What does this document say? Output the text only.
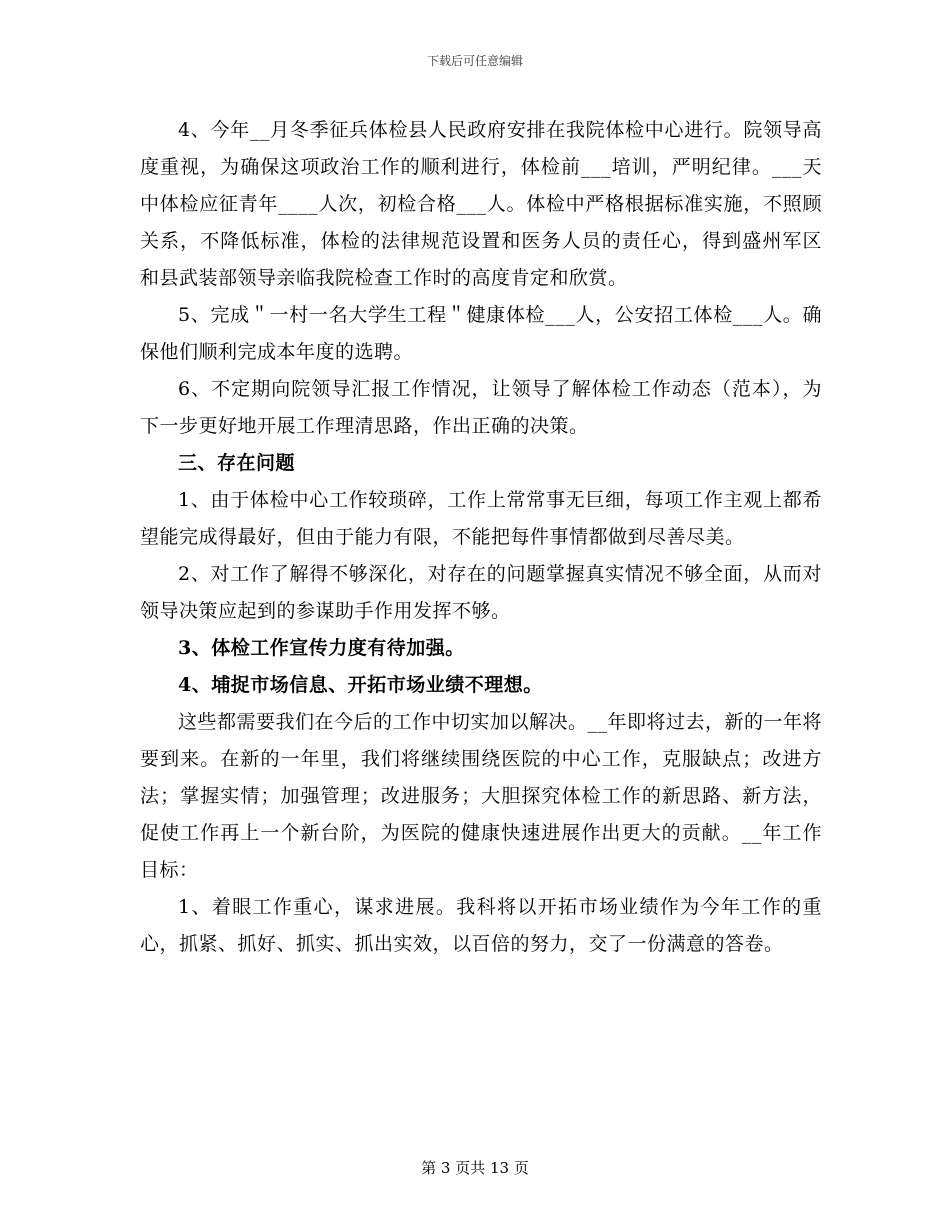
下载后可任意编辑

4、今年__月冬季征兵体检县人民政府安排在我院体检中心进行。院领导高度重视，为确保这项政治工作的顺利进行，体检前___培训，严明纪律。___天中体检应征青年____人次，初检合格___人。体检中严格根据标准实施，不照顾关系，不降低标准，体检的法律规范设置和医务人员的责任心，得到盛州军区和县武装部领导亲临我院检查工作时的高度肯定和欣赏。

5、完成＂一村一名大学生工程＂健康体检___人，公安招工体检___人。确保他们顺利完成本年度的选聘。

6、不定期向院领导汇报工作情况，让领导了解体检工作动态（范本），为下一步更好地开展工作理清思路，作出正确的决策。

三、存在问题

1、由于体检中心工作较琐碎，工作上常常事无巨细，每项工作主观上都希望能完成得最好，但由于能力有限，不能把每件事情都做到尽善尽美。

2、对工作了解得不够深化，对存在的问题掌握真实情况不够全面，从而对领导决策应起到的参谋助手作用发挥不够。

3、体检工作宣传力度有待加强。

4、埔捉市场信息、开拓市场业绩不理想。

这些都需要我们在今后的工作中切实加以解决。__年即将过去，新的一年将要到来。在新的一年里，我们将继续围绕医院的中心工作，克服缺点；改进方法；掌握实情；加强管理；改进服务；大胆探究体检工作的新思路、新方法，促使工作再上一个新台阶，为医院的健康快速进展作出更大的贡献。__年工作目标：

1、着眼工作重心，谋求进展。我科将以开拓市场业绩作为今年工作的重心，抓紧、抓好、抓实、抓出实效，以百倍的努力，交了一份满意的答卷。

第 3 页共 13 页
